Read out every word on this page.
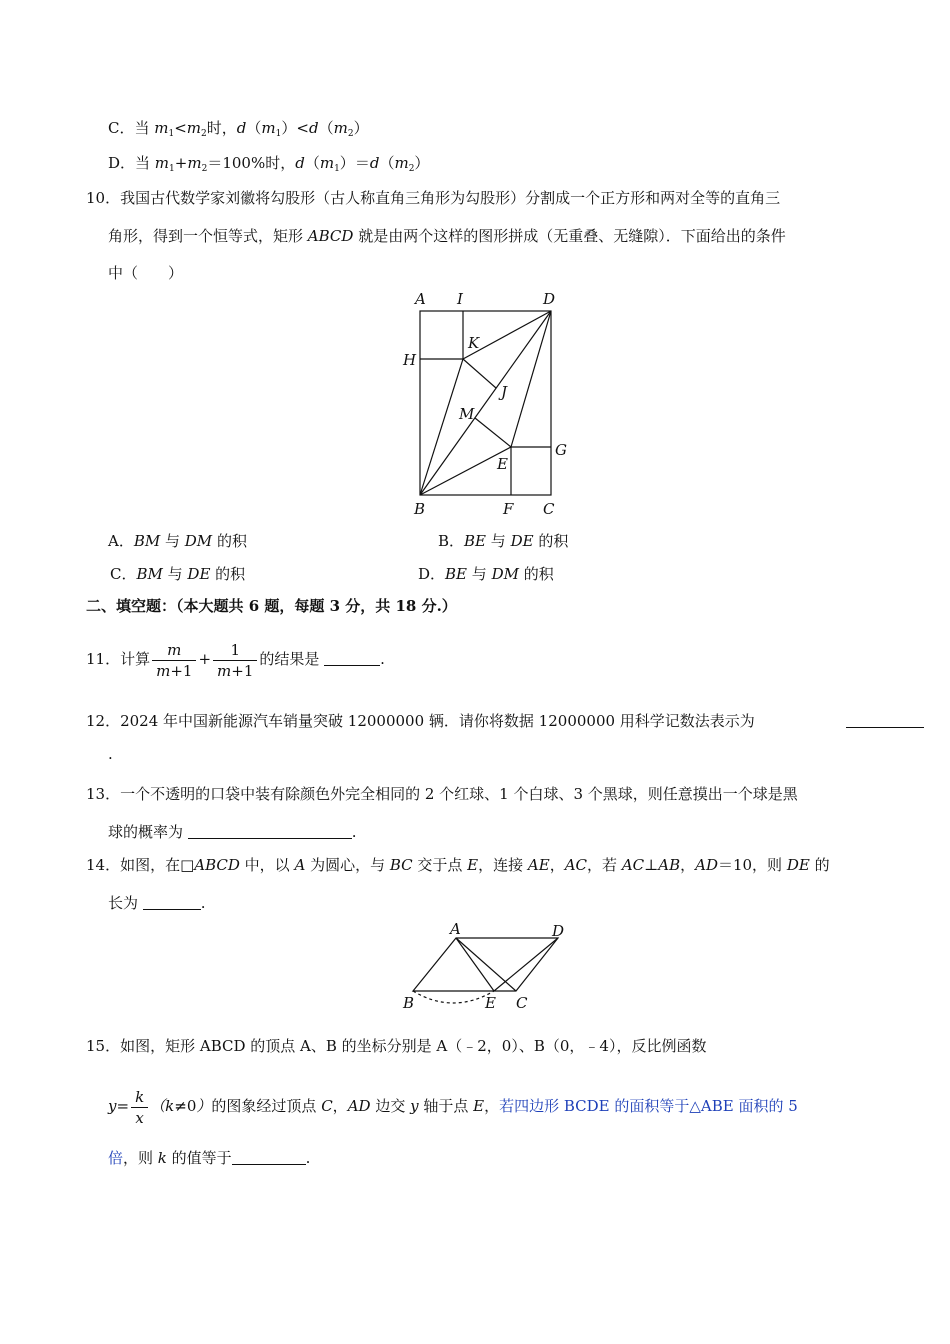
C．当 $m_1<m_2$时，$d(m_1)<d(m_2)$
D．当 $m_1+m_2=100\%$时，$d(m_1)=d(m_2)$
10．我国古代数学家刘徽将勾股形（古人称直角三角形为勾股形）分割成一个正方形和两对全等的直角三
角形，得到一个恒等式，矩形 ABCD 就是由两个这样的图形拼成（无重叠、无缝隙）．下面给出的条件
中（　　）
A I	D
H
K
J
M
G
E
B	F C
A．BM 与 DM 的积	B．BE 与 DE 的积
C．BM 与 DE 的积	D．BE 与 DM 的积
二、填空题：（本大题共 6 题，每题 3 分，共 18 分.）
11．计算 $\frac{m}{m+1} + \frac{1}{m+1}$ 的结果是	.
12．2024 年中国新能源汽车销量突破 12000000 辆．请你将数据 12000000 用科学记数法表示为
.
13．一个不透明的口袋中装有除颜色外完全相同的 2 个红球、1 个白球、3 个黑球，则任意摸出一个球是黑
球的概率为	.
14．如图，在□ABCD 中，以 A 为圆心，与 BC 交于点 E，连接 AE，AC，若 AC⊥AB，AD＝10，则 DE 的
长为	.
A	D
B	E C
15．如图，矩形 ABCD 的顶点 A、B 的坐标分别是 A（﹣2，0）、B（0，﹣4），反比例函数
$y= \frac{k}{x} (k\ne 0)$的图象经过顶点 C，AD 边交 y 轴于点 E，若四边形 BCDE 的面积等于△ABE 面积的 5
倍，则 k 的值等于	.
